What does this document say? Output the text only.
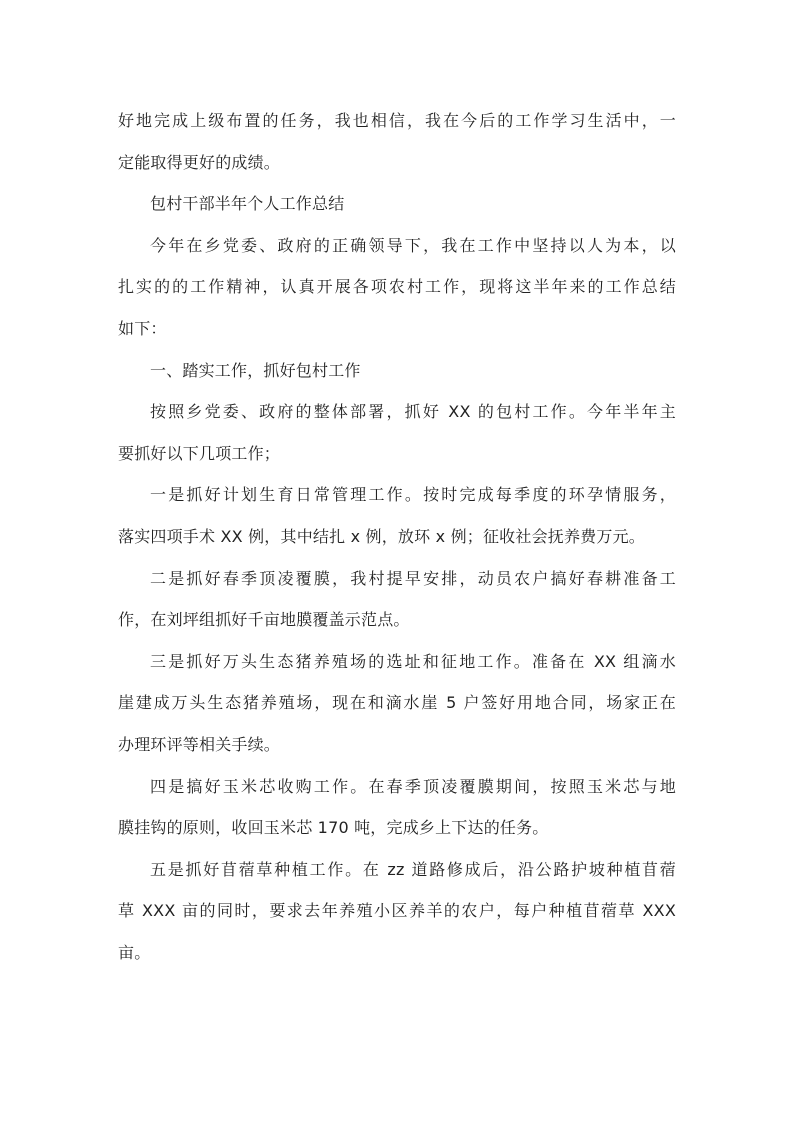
好地完成上级布置的任务，我也相信，我在今后的工作学习生活中，一
定能取得更好的成绩。

包村干部半年个人工作总结

今年在乡党委、政府的正确领导下，我在工作中坚持以人为本，以
扎实的的工作精神，认真开展各项农村工作，现将这半年来的工作总结
如下：

一、踏实工作，抓好包村工作

按照乡党委、政府的整体部署，抓好 XX 的包村工作。今年半年主
要抓好以下几项工作；

一是抓好计划生育日常管理工作。按时完成每季度的环孕情服务，
落实四项手术 XX 例，其中结扎 x 例，放环 x 例；征收社会抚养费万元。

二是抓好春季顶凌覆膜，我村提早安排，动员农户搞好春耕准备工
作，在刘坪组抓好千亩地膜覆盖示范点。

三是抓好万头生态猪养殖场的选址和征地工作。准备在 XX 组滴水
崖建成万头生态猪养殖场，现在和滴水崖 5 户签好用地合同，场家正在
办理环评等相关手续。

四是搞好玉米芯收购工作。在春季顶凌覆膜期间，按照玉米芯与地
膜挂钩的原则，收回玉米芯 170 吨，完成乡上下达的任务。

五是抓好苜蓿草种植工作。在 zz 道路修成后，沿公路护坡种植苜蓿
草 XXX 亩的同时，要求去年养殖小区养羊的农户，每户种植苜蓿草 XXX
亩。
